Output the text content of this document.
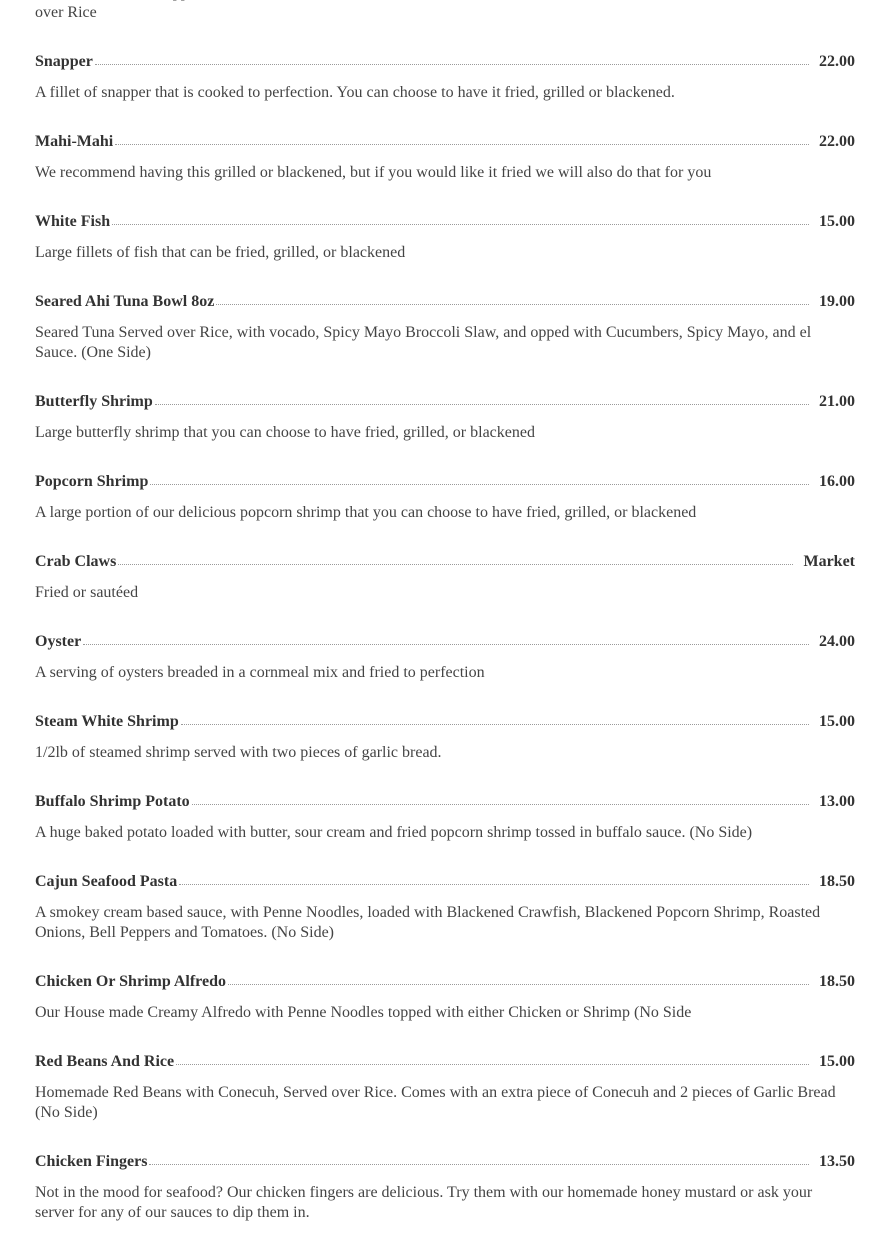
over Rice
Snapper	22.00
A fillet of snapper that is cooked to perfection. You can choose to have it fried, grilled or blackened.
Mahi-Mahi	22.00
We recommend having this grilled or blackened, but if you would like it fried we will also do that for you
White Fish	15.00
Large fillets of fish that can be fried, grilled, or blackened
Seared Ahi Tuna Bowl 8oz	19.00
Seared Tuna Served over Rice, with vocado, Spicy Mayo Broccoli Slaw, and opped with Cucumbers, Spicy Mayo, and el Sauce. (One Side)
Butterfly Shrimp	21.00
Large butterfly shrimp that you can choose to have fried, grilled, or blackened
Popcorn Shrimp	16.00
A large portion of our delicious popcorn shrimp that you can choose to have fried, grilled, or blackened
Crab Claws	Market
Fried or sautéed
Oyster	24.00
A serving of oysters breaded in a cornmeal mix and fried to perfection
Steam White Shrimp	15.00
1/2lb of steamed shrimp served with two pieces of garlic bread.
Buffalo Shrimp Potato	13.00
A huge baked potato loaded with butter, sour cream and fried popcorn shrimp tossed in buffalo sauce. (No Side)
Cajun Seafood Pasta	18.50
A smokey cream based sauce, with Penne Noodles, loaded with Blackened Crawfish, Blackened Popcorn Shrimp, Roasted Onions, Bell Peppers and Tomatoes. (No Side)
Chicken Or Shrimp Alfredo	18.50
Our House made Creamy Alfredo with Penne Noodles topped with either Chicken or Shrimp (No Side
Red Beans And Rice	15.00
Homemade Red Beans with Conecuh, Served over Rice. Comes with an extra piece of Conecuh and 2 pieces of Garlic Bread (No Side)
Chicken Fingers	13.50
Not in the mood for seafood? Our chicken fingers are delicious. Try them with our homemade honey mustard or ask your server for any of our sauces to dip them in.
